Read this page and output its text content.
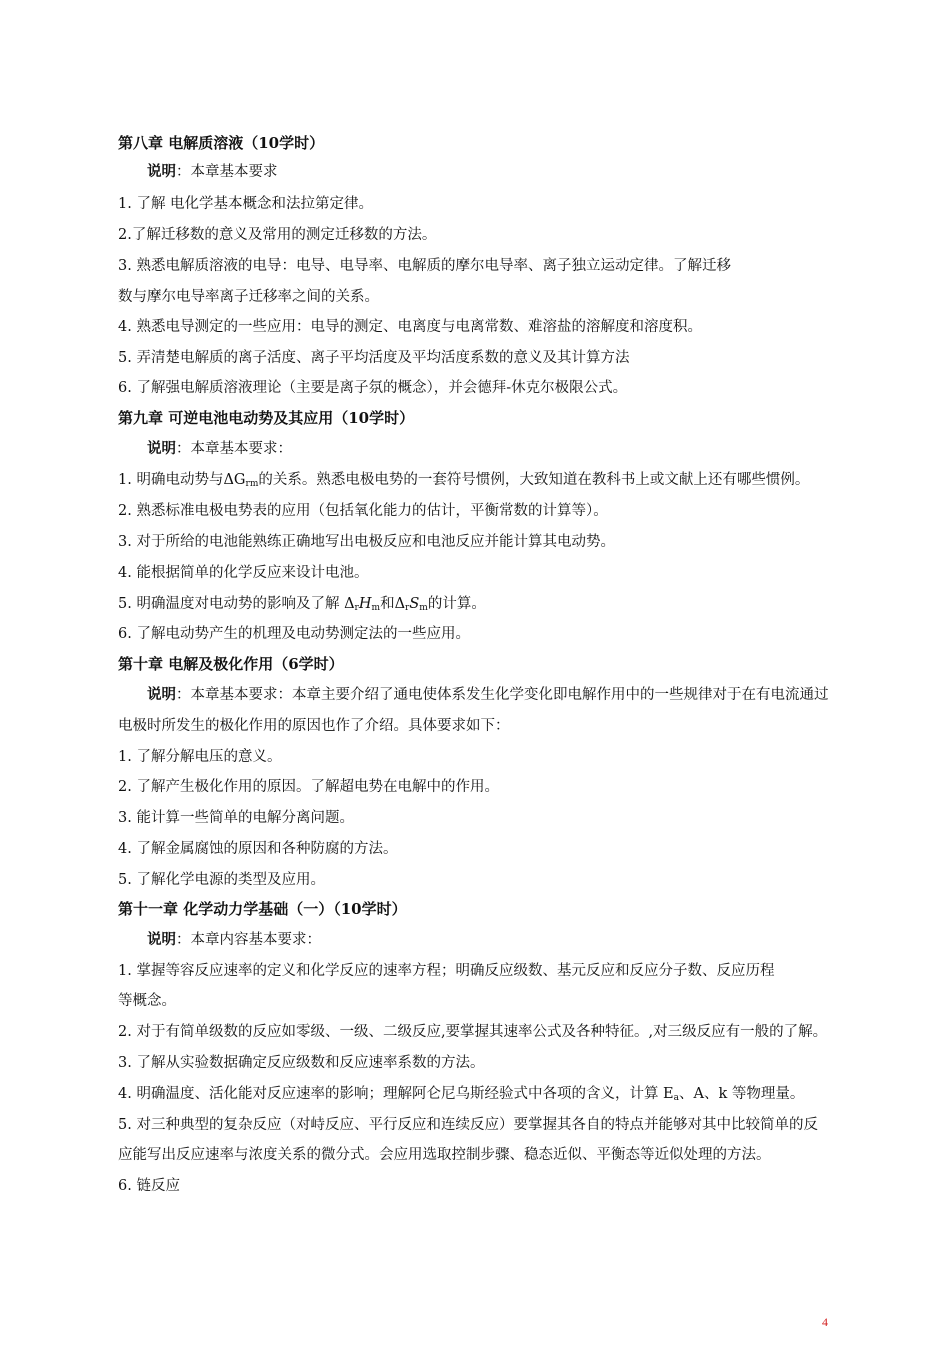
第八章 电解质溶液（10学时）
说明：本章基本要求
1. 了解 电化学基本概念和法拉第定律。
2.了解迁移数的意义及常用的测定迁移数的方法。
3. 熟悉电解质溶液的电导：电导、电导率、电解质的摩尔电导率、离子独立运动定律。了解迁移
数与摩尔电导率离子迁移率之间的关系。
4. 熟悉电导测定的一些应用：电导的测定、电离度与电离常数、难溶盐的溶解度和溶度积。
5. 弄清楚电解质的离子活度、离子平均活度及平均活度系数的意义及其计算方法
6. 了解强电解质溶液理论（主要是离子氛的概念），并会德拜-休克尔极限公式。
第九章 可逆电池电动势及其应用（10学时）
说明：本章基本要求：
1. 明确电动势与$\Delta G_{rm}$的关系。熟悉电极电势的一套符号惯例，大致知道在教科书上或文献上还有哪些惯例。
2. 熟悉标准电极电势表的应用（包括氧化能力的估计，平衡常数的计算等）。
3. 对于所给的电池能熟练正确地写出电极反应和电池反应并能计算其电动势。
4. 能根据简单的化学反应来设计电池。
5. 明确温度对电动势的影响及了解 $\Delta_rH_m$和$\Delta_rS_m$的计算。
6. 了解电动势产生的机理及电动势测定法的一些应用。
第十章 电解及极化作用（6学时）
说明：本章基本要求：本章主要介绍了通电使体系发生化学变化即电解作用中的一些规律对于在有电流通过
电极时所发生的极化作用的原因也作了介绍。具体要求如下：
1. 了解分解电压的意义。
2. 了解产生极化作用的原因。了解超电势在电解中的作用。
3. 能计算一些简单的电解分离问题。
4. 了解金属腐蚀的原因和各种防腐的方法。
5. 了解化学电源的类型及应用。
第十一章 化学动力学基础（一）（10学时）
说明：本章内容基本要求：
1. 掌握等容反应速率的定义和化学反应的速率方程；明确反应级数、基元反应和反应分子数、反应历程
等概念。
2. 对于有简单级数的反应如零级、一级、二级反应,要掌握其速率公式及各种特征。,对三级反应有一般的了解。
3. 了解从实验数据确定反应级数和反应速率系数的方法。
4. 明确温度、活化能对反应速率的影响；理解阿仑尼乌斯经验式中各项的含义，计算 $E_a$、A、k 等物理量。
5. 对三种典型的复杂反应（对峙反应、平行反应和连续反应）要掌握其各自的特点并能够对其中比较简单的反
应能写出反应速率与浓度关系的微分式。会应用选取控制步骤、稳态近似、平衡态等近似处理的方法。
6. 链反应
4
